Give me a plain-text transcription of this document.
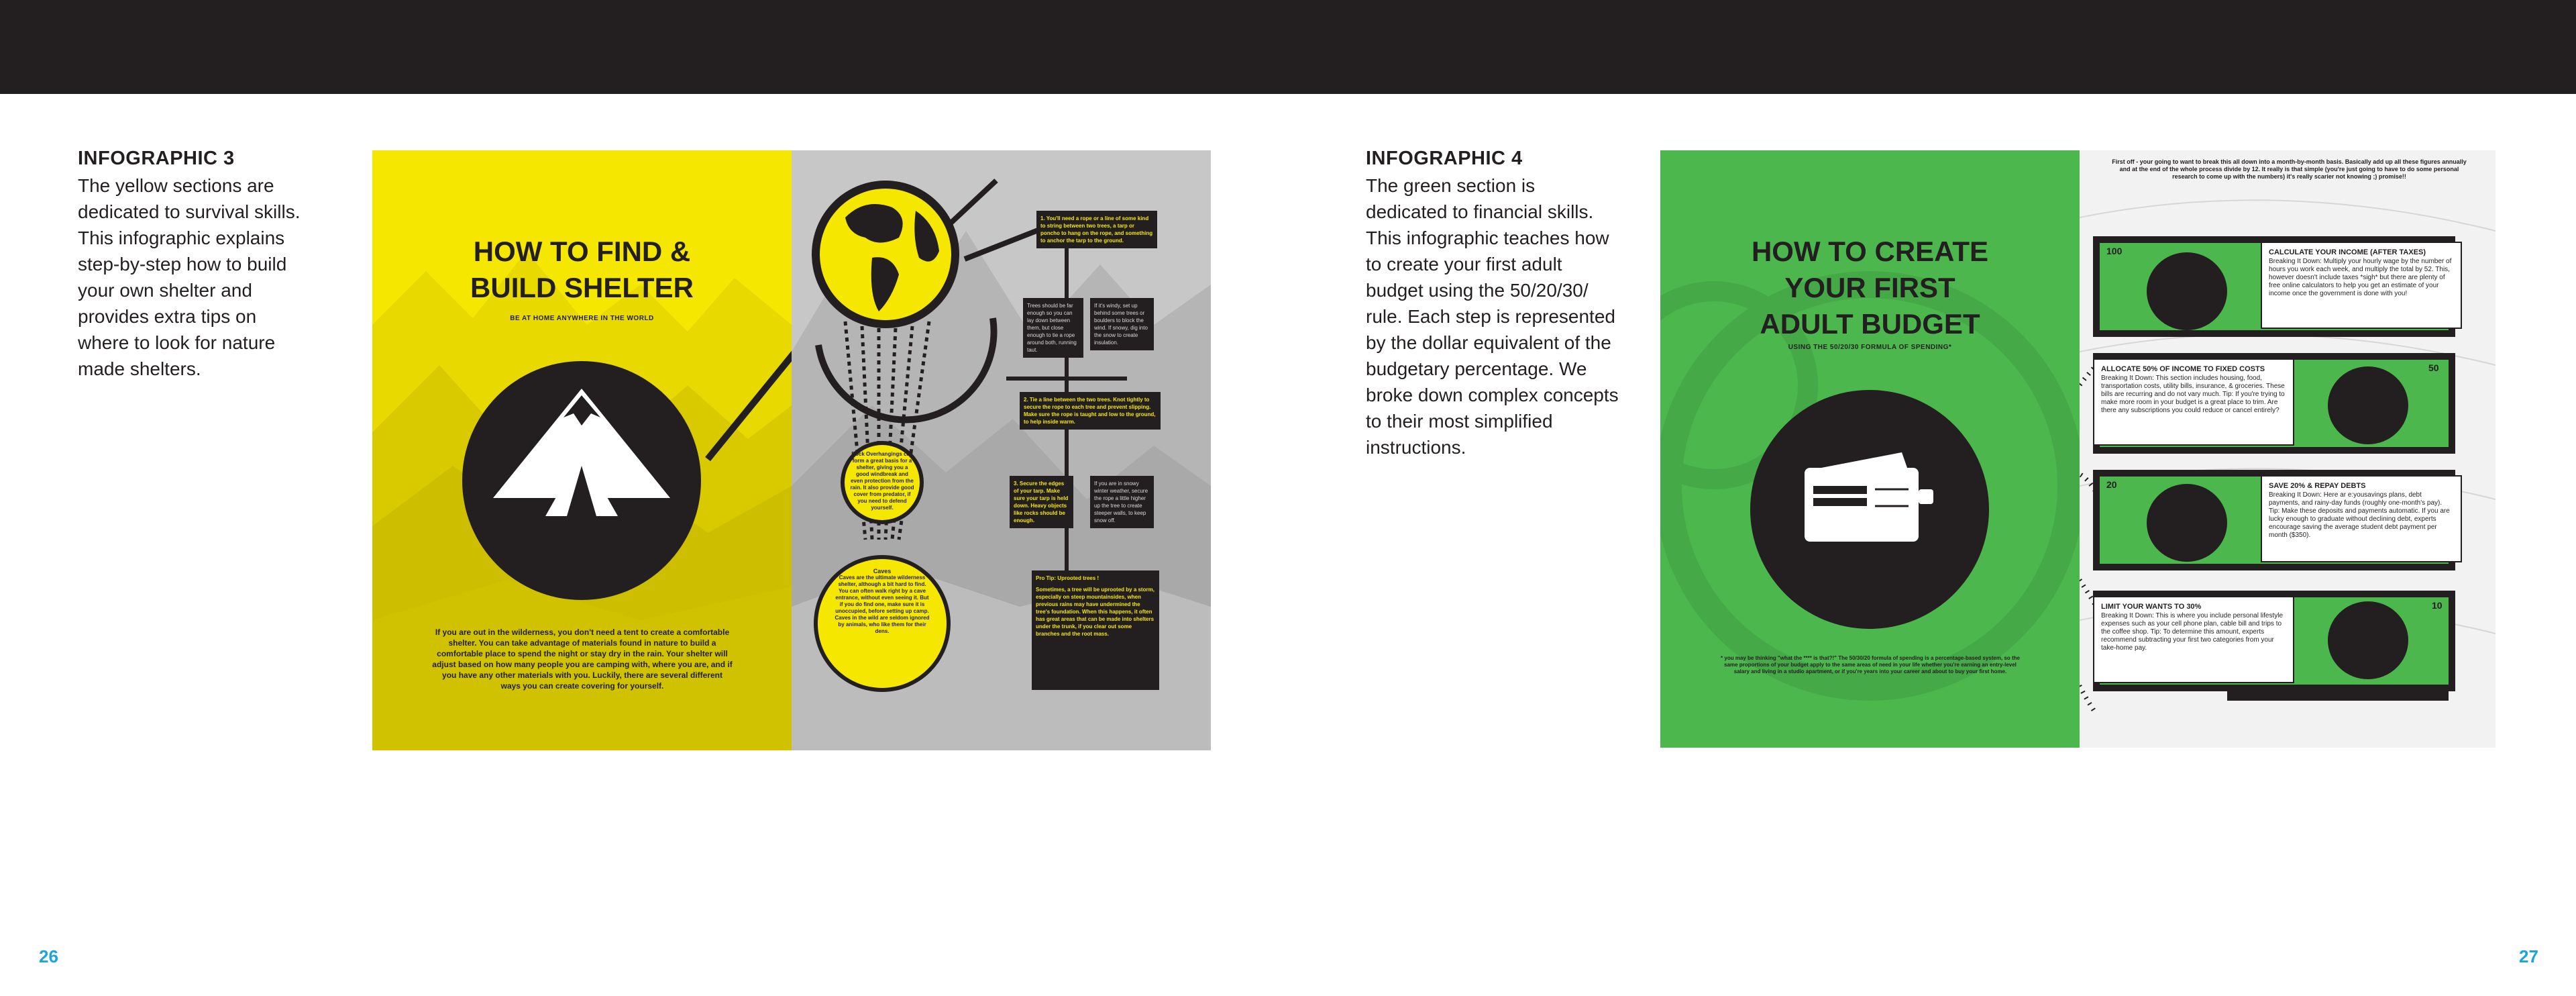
INFOGRAPHIC 3

The yellow sections are dedicated to survival skills. This infographic explains step-by-step how to build your own shelter and provides extra tips on where to look for nature made shelters.

HOW TO FIND &
BUILD SHELTER
BE AT HOME ANYWHERE IN THE WORLD
If you are out in the wilderness, you don't need a tent to create a comfortable shelter. You can take advantage of materials found in nature to build a comfortable place to spend the night or stay dry in the rain. Your shelter will adjust based on how many people you are camping with, where you are, and if you have any other materials with you. Luckily, there are several different ways you can create covering for yourself.
Rock Overhangings can form a great basis for a shelter, giving you a good windbreak and even protection from the rain. It also provide good cover from predator, if you need to defend yourself.
Caves
Caves are the ultimate wilderness shelter, although a bit hard to find. You can often walk right by a cave entrance, without even seeing it. But if you do find one, make sure it is unoccupied, before setting up camp. Caves in the wild are seldom ignored by animals, who like them for their dens.
1. You'll need a rope or a line of some kind to string between two trees, a tarp or poncho to hang on the rope, and something to anchor the tarp to the ground.
Trees should be far enough so you can lay down between them, but close enough to tie a rope around both, running taut.
If it's windy, set up behind some trees or boulders to block the wind. If snowy, dig into the snow to create insulation.
2. Tie a line between the two trees. Knot tightly to secure the rope to each tree and prevent slipping. Make sure the rope is taught and low to the ground, to help inside warm.
3. Secure the edges of your tarp. Make sure your tarp is held down. Heavy objects like rocks should be enough.
If you are in snowy winter weather, secure the rope a little higher up the tree to create steeper walls, to keep snow off.
Pro Tip: Uprooted trees !
Sometimes, a tree will be uprooted by a storm, especially on steep mountainsides, when previous rains may have undermined the tree's foundation. When this happens, it often has great areas that can be made into shelters under the trunk, if you clear out some branches and the root mass.
26
INFOGRAPHIC 4

The green section is dedicated to financial skills. This infographic teaches how to create your first adult budget using the 50/20/30/ rule. Each step is represented by the dollar equivalent of the budgetary percentage. We broke down complex concepts to their most simplified instructions.

HOW TO CREATE
YOUR FIRST
ADULT BUDGET
USING THE 50/20/30 FORMULA OF SPENDING*
* you may be thinking "what the **** is that?!" The 50/30/20 formula of spending is a percentage-based system, so the same proportions of your budget apply to the same areas of need in your life whether you're earning an entry-level salary and living in a studio apartment, or if you're years into your career and about to buy your first home.
First off - your going to want to break this all down into a month-by-month basis. Basically add up all these figures annually and at the end of the whole process divide by 12. It really is that simple (you're just going to have to do some personal research to come up with the numbers) it's really scarier not knowing ;) promise!!
CALCULATE YOUR INCOME (AFTER TAXES)
Breaking It Down: Multiply your hourly wage by the number of hours you work each week, and multiply the total by 52. This, however doesn't include taxes *sigh* but there are plenty of free online calculators to help you get an estimate of your income once the government is done with you!
ALLOCATE 50% OF INCOME TO FIXED COSTS
Breaking It Down: This section includes housing, food, transportation costs, utility bills, insurance, & groceries. These bills are recurring and do not vary much. Tip: If you're trying to make more room in your budget is a great place to trim. Are there any subscriptions you could reduce or cancel entirely?
SAVE 20% & REPAY DEBTS
Breaking It Down: Here ar e:yousavings plans, debt payments, and rainy-day funds (roughly one-month's pay). Tip: Make these deposits and payments automatic. If you are lucky enough to graduate without declining debt, experts encourage saving the average student debt payment per month ($350).
LIMIT YOUR WANTS TO 30%
Breaking It Down: This is where you include personal lifestyle expenses such as your cell phone plan, cable bill and trips to the coffee shop. Tip: To determine this amount, experts recommend subtracting your first two categories from your take-home pay.
100
50
20
10
27
